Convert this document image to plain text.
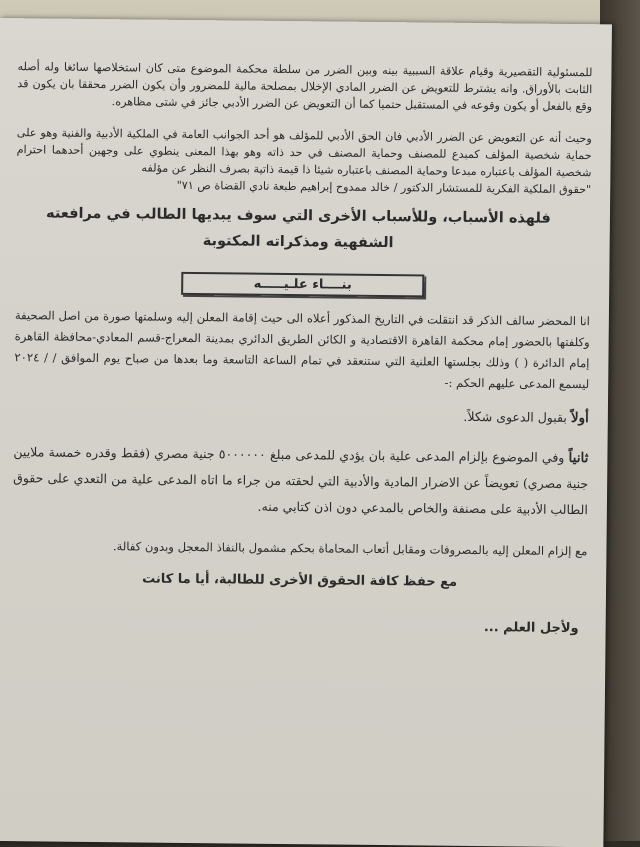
للمسئولية التقصيرية وقيام علاقة السببية بينه وبين الضرر من سلطة محكمة الموضوع متى كان استخلاصها سائغا وله أصله الثابت بالأوراق. وانه يشترط للتعويض عن الضرر المادي الإخلال بمصلحة مالية للمضرور وأن يكون الضرر محققا بان يكون قد وقع بالفعل أو يكون وقوعه في المستقبل حتميا كما أن التعويض عن الضرر الأدبي جائز في شتى مظاهره.

وحيث أنه عن التعويض عن الضرر الأدبي فان الحق الأدبي للمؤلف هو أحد الجوانب العامة في الملكية الأدبية والفنية وهو على حماية شخصية المؤلف كمبدع للمصنف وحماية المصنف في حد ذاته وهو بهذا المعنى ينطوي على وجهين أحدهما احترام شخصية المؤلف باعتباره مبدعا وحماية المصنف باعتباره شيئا ذا قيمة ذاتية بصرف النظر عن مؤلفه

"حقوق الملكية الفكرية للمستشار الدكتور / خالد ممدوح إبراهيم طبعة نادي القضاة ص ٧١"

فلهذه الأسباب، وللأسباب الأخرى التي سوف يبديها الطالب في مرافعته الشفهية ومذكراته المكتوبة
بنــــاء علـيـــــه

انا المحضر سالف الذكر قد انتقلت في التاريخ المذكور أعلاه الى حيث إقامة المعلن إليه وسلمتها صورة من اصل الصحيفة وكلفتها بالحضور إمام محكمة القاهرة الاقتصادية و الكائن الطريق الدائري بمدينة المعراج-قسم المعادي-محافظة القاهرة إمام الدائرة ( ) وذلك بجلستها العلنية التي ستنعقد في تمام الساعة التاسعة وما بعدها من صباح يوم الموافق / / ٢٠٢٤ ليسمع المدعى عليهم الحكم :-

أولاً بقبول الدعوى شكلاً.

ثانياً وفي الموضوع بإلزام المدعى علية بان يؤدي للمدعى مبلغ ٥٠٠٠٠٠٠ جنية مصري (فقط وقدره خمسة ملايين جنية مصري) تعويضاً عن الاضرار المادية والأدبية التي لحقته من جراء ما اتاه المدعى علية من التعدي على حقوق الطالب الأدبية على مصنفة والخاص بالمدعي دون اذن كتابي منه.

مع إلزام المعلن إليه بالمصروفات ومقابل أتعاب المحاماة بحكم مشمول بالنفاذ المعجل وبدون كفالة.

مع حفظ كافة الحقوق الأخرى للطالبة، أيا ما كانت
ولأجل العلم ...
